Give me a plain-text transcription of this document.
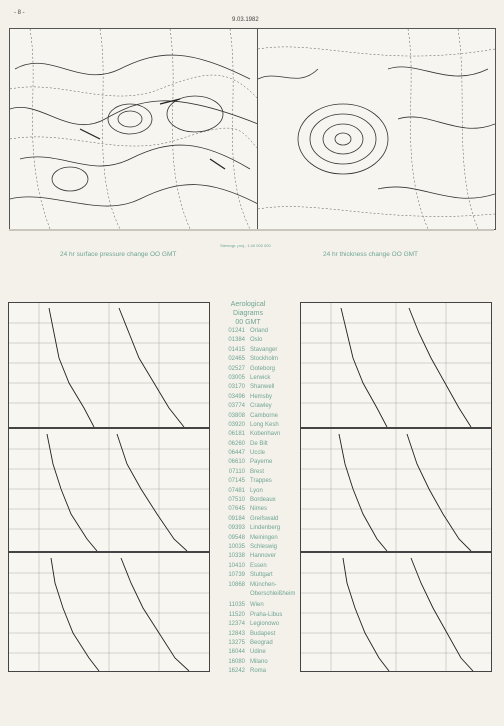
- 8 -
9.03.1982
Stereogr. proj., 1:40 000 000
24 hr surface pressure change OO GMT	24 hr thickness change OO GMT
Aerological
Diagrams
00 GMT
01241 Orland
01384 Oslo
01415 Stavanger
02465 Stockholm
02527 Goteborg
03005 Lerwick
03170 Shanwell
03496 Hemsby
03774 Crawley
03808 Camborne
03920 Long Kesh
06181 Kobenhavn
06260 De Bilt
06447 Uccle
06610 Payerne
07110 Brest
07145 Trappes
07481 Lyon
07510 Bordeaux
07645 Nimes
09184 Greifswald
09393 Lindenberg
09548 Meiningen
10035 Schleswig
10338 Hannover
10410 Essen
10739 Stuttgart
10868 München-
Oberschleißheim
11035 Wien
11520 Praha-Libus
12374 Legionowo
12843 Budapest
13275 Beograd
16044 Udine
16080 Milano
16242 Roma
